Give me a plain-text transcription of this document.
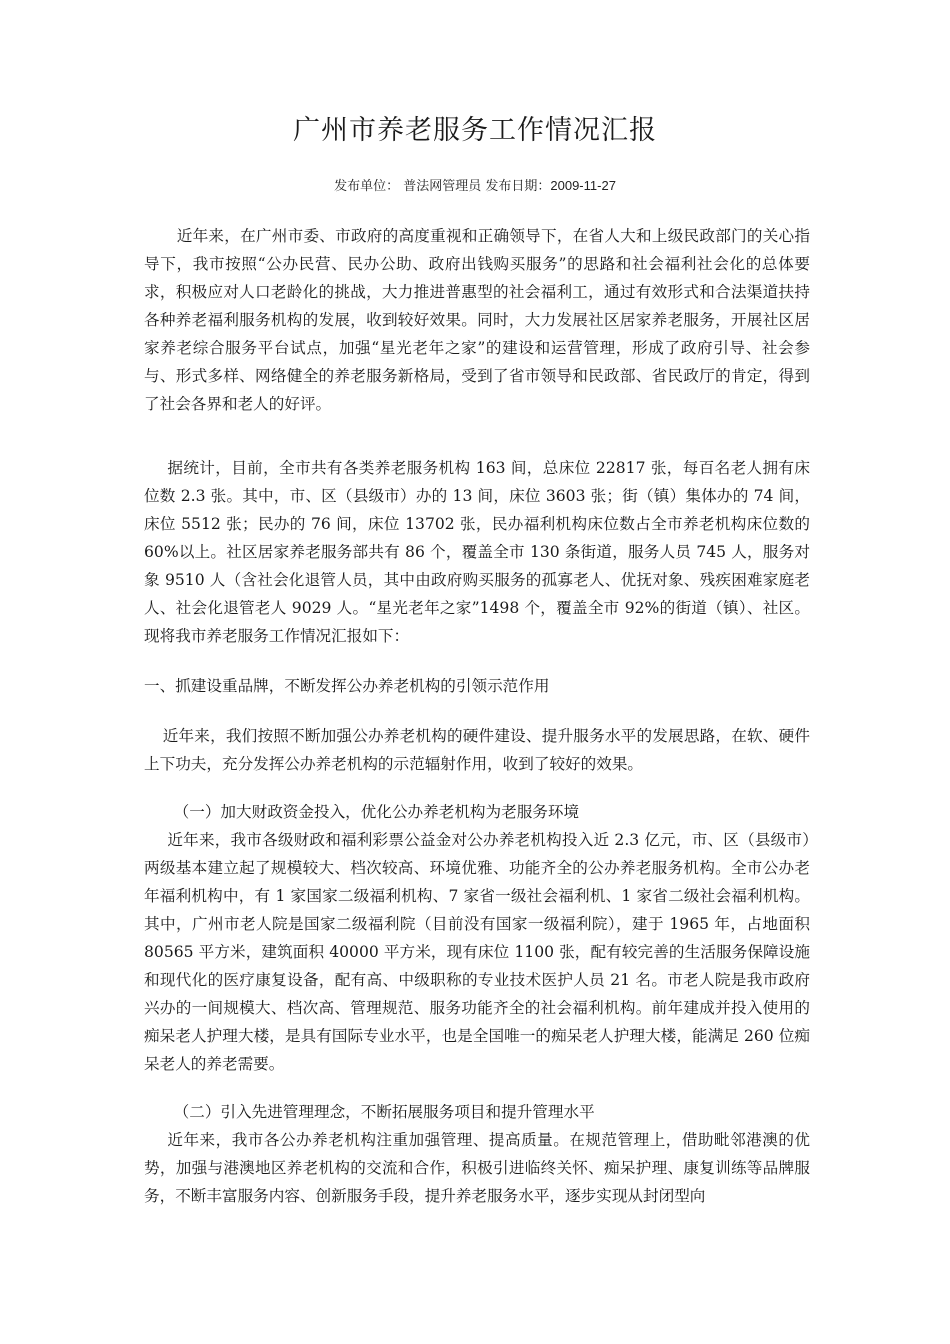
广州市养老服务工作情况汇报
发布单位： 普法网管理员 发布日期：2009-11-27

近年来，在广州市委、市政府的高度重视和正确领导下，在省人大和上级民政部门的关心指导下，我市按照“公办民营、民办公助、政府出钱购买服务”的思路和社会福利社会化的总体要求，积极应对人口老龄化的挑战，大力推进普惠型的社会福利工，通过有效形式和合法渠道扶持各种养老福利服务机构的发展，收到较好效果。同时，大力发展社区居家养老服务，开展社区居家养老综合服务平台试点，加强“星光老年之家”的建设和运营管理，形成了政府引导、社会参与、形式多样、网络健全的养老服务新格局，受到了省市领导和民政部、省民政厅的肯定，得到了社会各界和老人的好评。

据统计，目前，全市共有各类养老服务机构 163 间，总床位 22817 张，每百名老人拥有床位数 2.3 张。其中，市、区（县级市）办的 13 间，床位 3603 张；街（镇）集体办的 74 间，床位 5512 张；民办的 76 间，床位 13702 张，民办福利机构床位数占全市养老机构床位数的 60%以上。社区居家养老服务部共有 86 个，覆盖全市 130 条街道，服务人员 745 人，服务对象 9510 人（含社会化退管人员，其中由政府购买服务的孤寡老人、优抚对象、残疾困难家庭老人、社会化退管老人 9029 人。“星光老年之家”1498 个，覆盖全市 92%的街道（镇）、社区。现将我市养老服务工作情况汇报如下：

一、抓建设重品牌，不断发挥公办养老机构的引领示范作用

近年来，我们按照不断加强公办养老机构的硬件建设、提升服务水平的发展思路，在软、硬件上下功夫，充分发挥公办养老机构的示范辐射作用，收到了较好的效果。

（一）加大财政资金投入，优化公办养老机构为老服务环境

近年来，我市各级财政和福利彩票公益金对公办养老机构投入近 2.3 亿元，市、区（县级市）两级基本建立起了规模较大、档次较高、环境优雅、功能齐全的公办养老服务机构。全市公办老年福利机构中，有 1 家国家二级福利机构、7 家省一级社会福利机、1 家省二级社会福利机构。其中，广州市老人院是国家二级福利院（目前没有国家一级福利院），建于 1965 年，占地面积 80565 平方米，建筑面积 40000 平方米，现有床位 1100 张，配有较完善的生活服务保障设施和现代化的医疗康复设备，配有高、中级职称的专业技术医护人员 21 名。市老人院是我市政府兴办的一间规模大、档次高、管理规范、服务功能齐全的社会福利机构。前年建成并投入使用的痴呆老人护理大楼，是具有国际专业水平，也是全国唯一的痴呆老人护理大楼，能满足 260 位痴呆老人的养老需要。

（二）引入先进管理理念，不断拓展服务项目和提升管理水平

近年来，我市各公办养老机构注重加强管理、提高质量。在规范管理上，借助毗邻港澳的优势，加强与港澳地区养老机构的交流和合作，积极引进临终关怀、痴呆护理、康复训练等品牌服务，不断丰富服务内容、创新服务手段，提升养老服务水平，逐步实现从封闭型向
